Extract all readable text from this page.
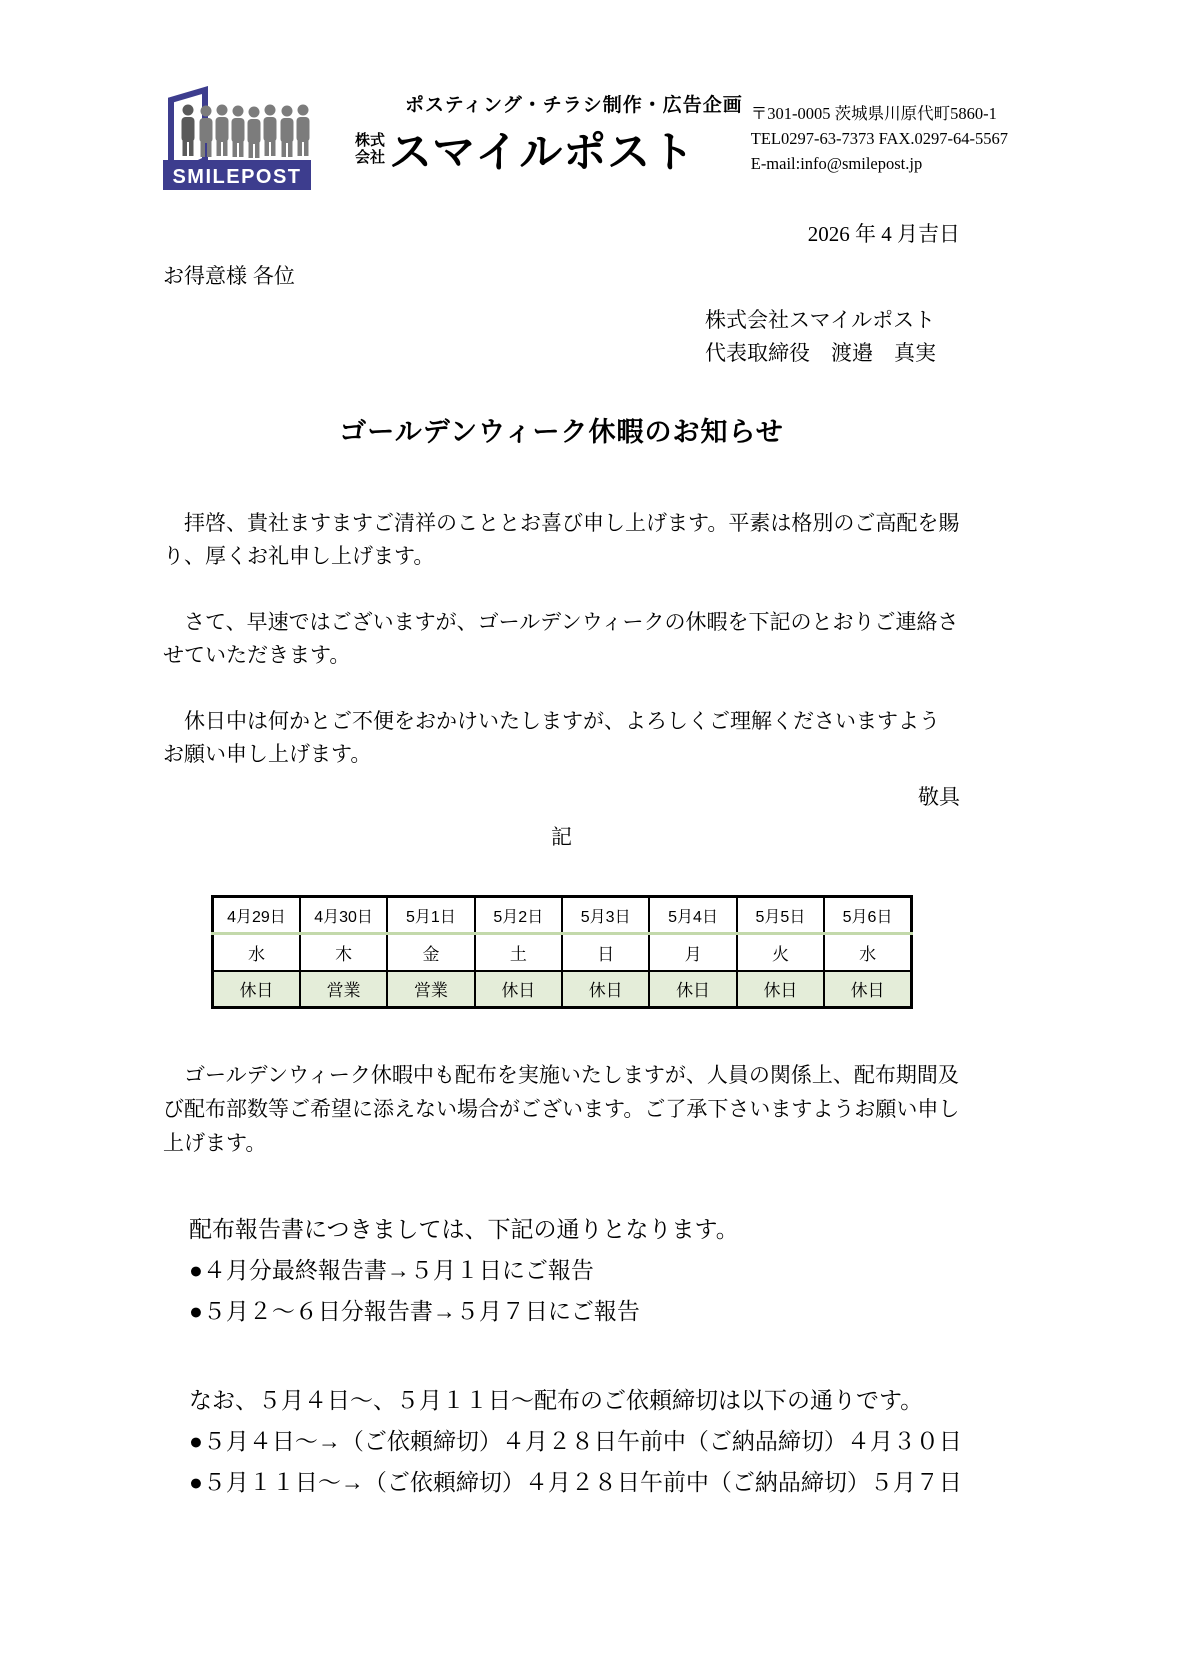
SMILEPOST
ポスティング・チラシ制作・広告企画
株式
会社 スマイルポスト
〒301-0005 茨城県川原代町5860-1
TEL0297-63-7373 FAX.0297-64-5567
E-mail:info@smilepost.jp
2026 年 4 月吉日
お得意様 各位
株式会社スマイルポスト
代表取締役　渡邉　真実
ゴールデンウィーク休暇のお知らせ
　拝啓、貴社ますますご清祥のこととお喜び申し上げます。平素は格別のご高配を賜り、厚くお礼申し上げます。
　さて、早速ではございますが、ゴールデンウィークの休暇を下記のとおりご連絡させていただきます。
　休日中は何かとご不便をおかけいたしますが、よろしくご理解くださいますようお願い申し上げます。
敬具
記
4月29日	4月30日	5月1日	5月2日	5月3日	5月4日	5月5日	5月6日
水	木	金	土	日	月	火	水
休日	営業	営業	休日	休日	休日	休日	休日
　ゴールデンウィーク休暇中も配布を実施いたしますが、人員の関係上、配布期間及び配布部数等ご希望に添えない場合がございます。ご了承下さいますようお願い申し上げます。
配布報告書につきましては、下記の通りとなります。
●４月分最終報告書→５月１日にご報告
●５月２～６日分報告書→５月７日にご報告
なお、５月４日～、５月１１日～配布のご依頼締切は以下の通りです。
●５月４日～→（ご依頼締切）４月２８日午前中（ご納品締切）４月３０日
●５月１１日～→（ご依頼締切）４月２８日午前中（ご納品締切）５月７日
